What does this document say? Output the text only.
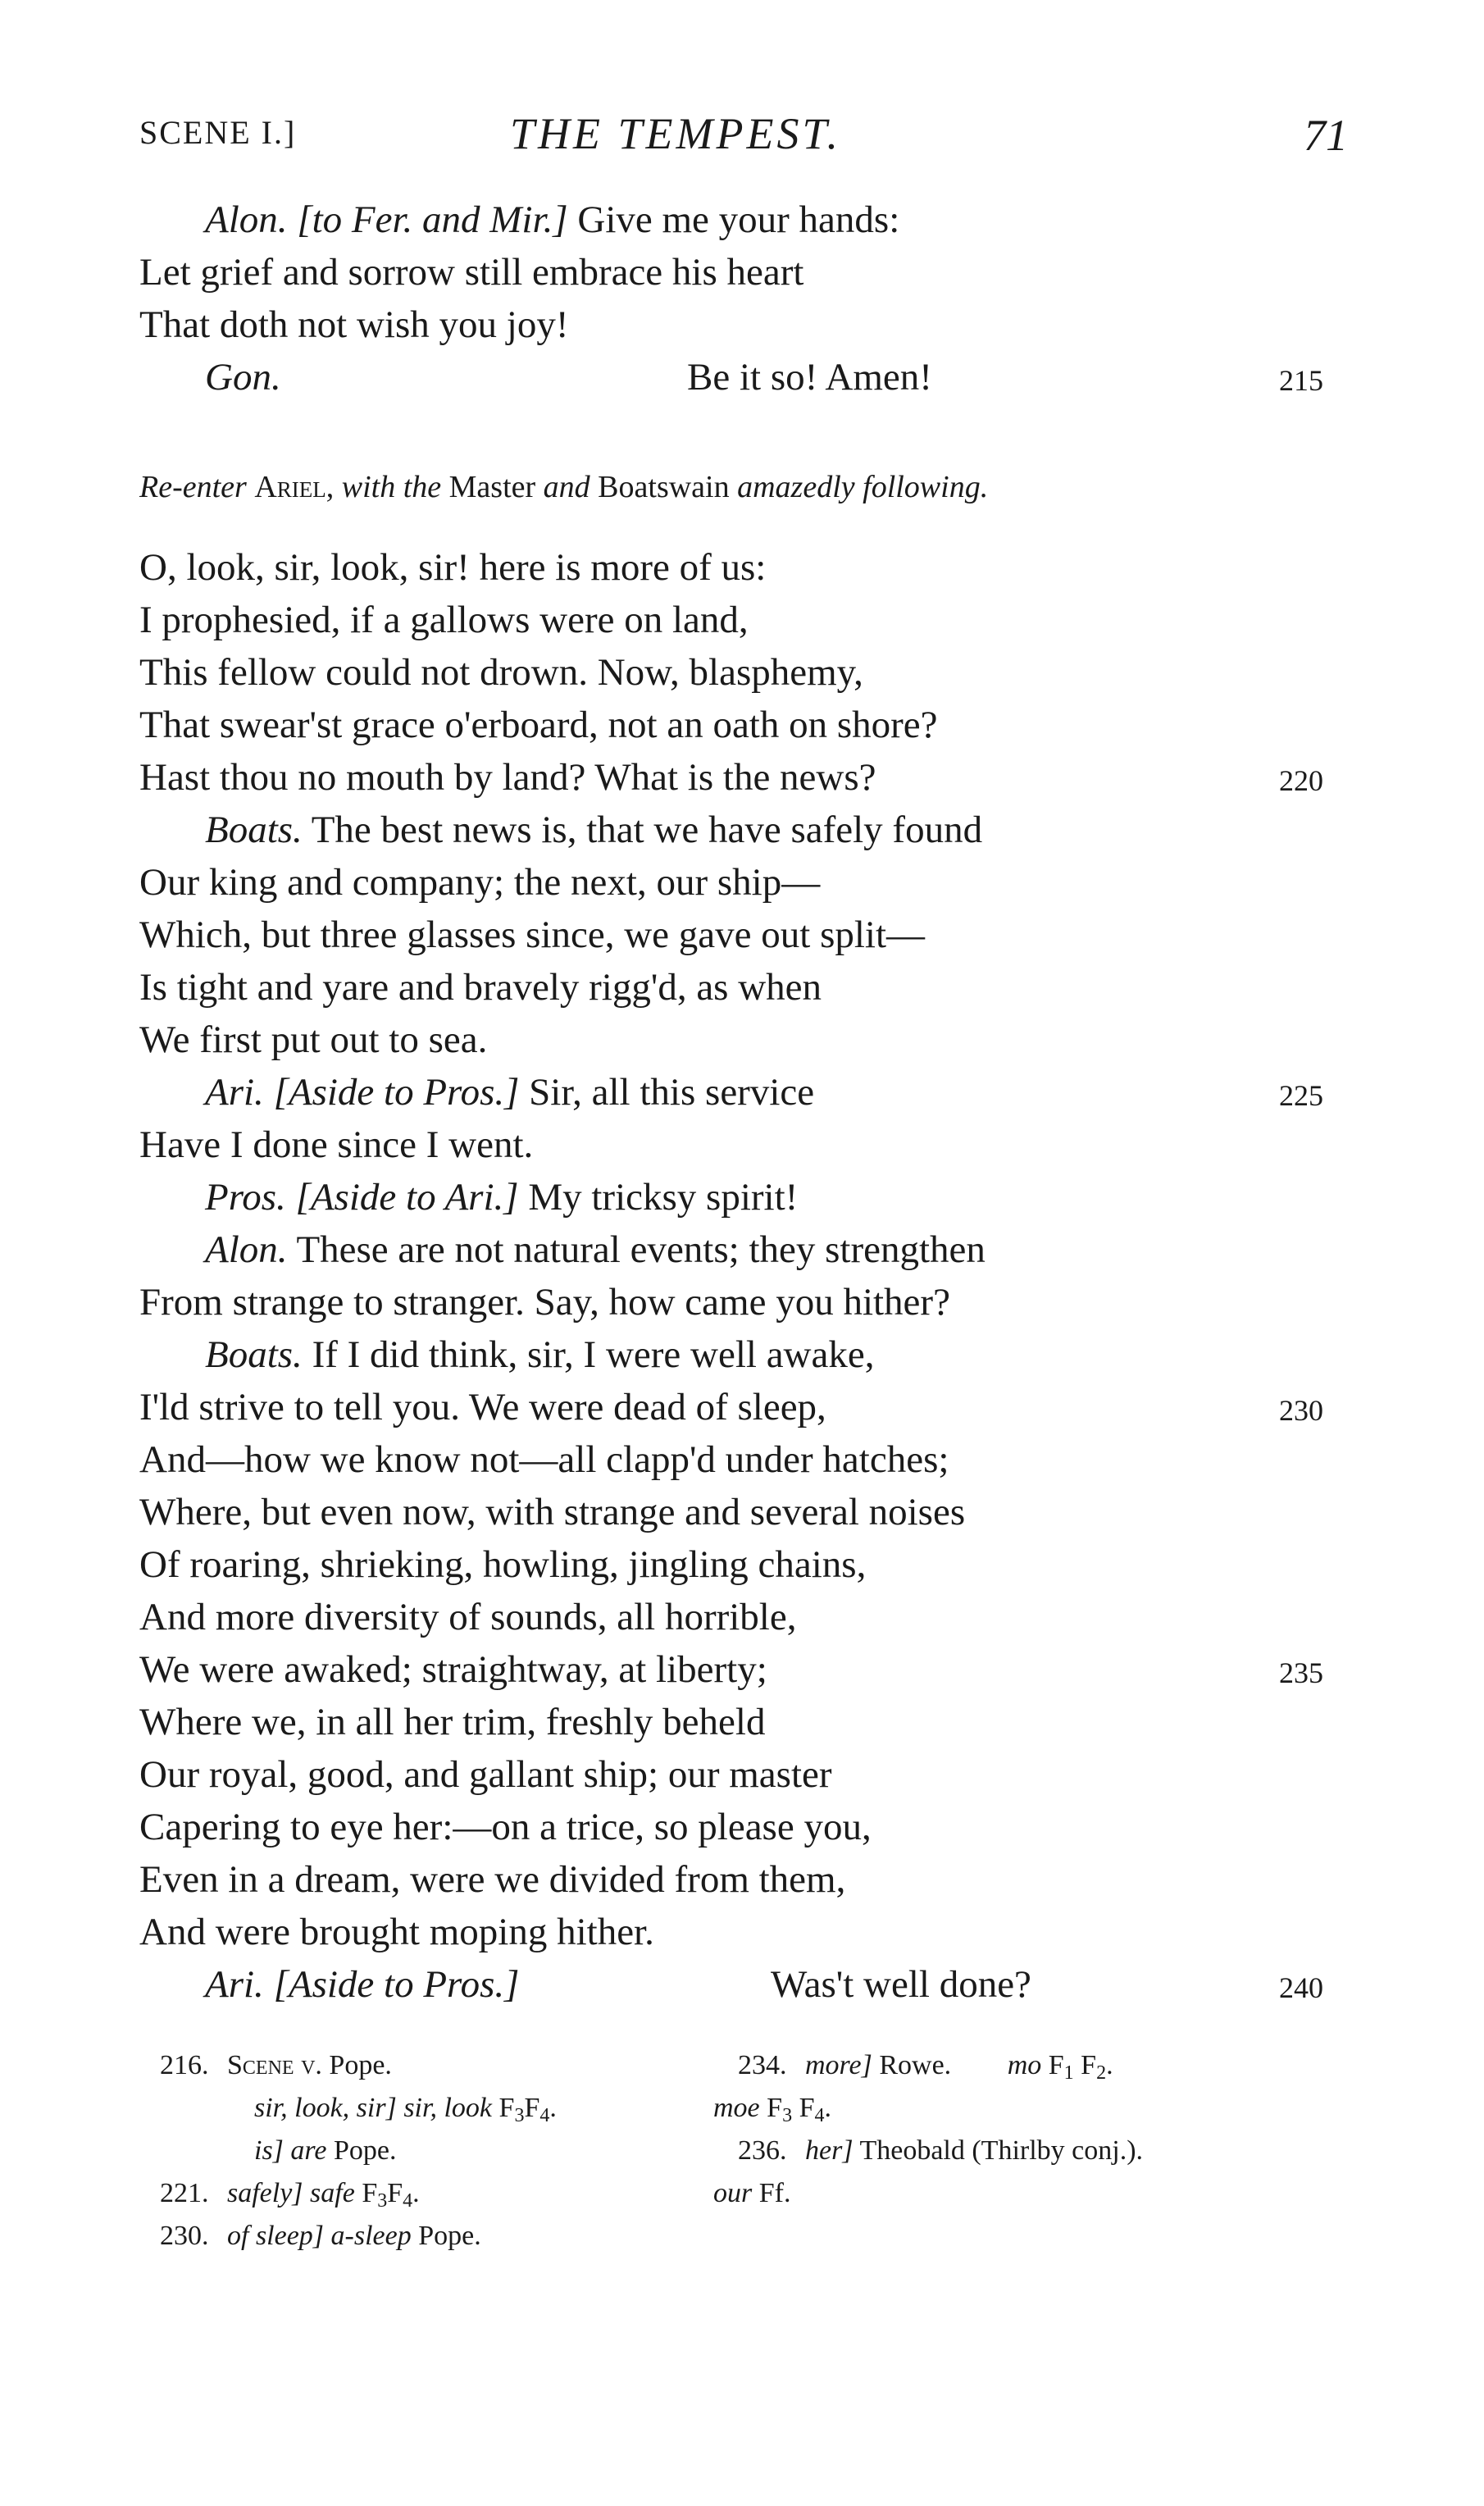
SCENE I.]	THE TEMPEST.	71
Alon. [to Fer. and Mir.] Give me your hands:
Let grief and sorrow still embrace his heart
That doth not wish you joy!
Gon.	Be it so! Amen!	215
Re-enter Ariel, with the Master and Boatswain amazedly following.
O, look, sir, look, sir! here is more of us:
I prophesied, if a gallows were on land,
This fellow could not drown. Now, blasphemy,
That swear'st grace o'erboard, not an oath on shore?
Hast thou no mouth by land? What is the news?	220
Boats. The best news is, that we have safely found
Our king and company; the next, our ship—
Which, but three glasses since, we gave out split—
Is tight and yare and bravely rigg'd, as when
We first put out to sea.
Ari. [Aside to Pros.] Sir, all this service	225
Have I done since I went.
Pros. [Aside to Ari.] My tricksy spirit!
Alon. These are not natural events; they strengthen
From strange to stranger. Say, how came you hither?
Boats. If I did think, sir, I were well awake,
I'ld strive to tell you. We were dead of sleep,	230
And—how we know not—all clapp'd under hatches;
Where, but even now, with strange and several noises
Of roaring, shrieking, howling, jingling chains,
And more diversity of sounds, all horrible,
We were awaked; straightway, at liberty;	235
Where we, in all her trim, freshly beheld
Our royal, good, and gallant ship; our master
Capering to eye her:—on a trice, so please you,
Even in a dream, were we divided from them,
And were brought moping hither.
Ari. [Aside to Pros.]	Was't well done?	240
216. Scene v. Pope.
sir, look, sir] sir, look $F_3F_4$.
is] are Pope.
221. safely] safe $F_3F_4$.
230. of sleep] a-sleep Pope.
234. more] Rowe. mo $F_1$ $F_2$.
moe $F_3$ $F_4$.
236. her] Theobald (Thirlby conj.).
our Ff.
